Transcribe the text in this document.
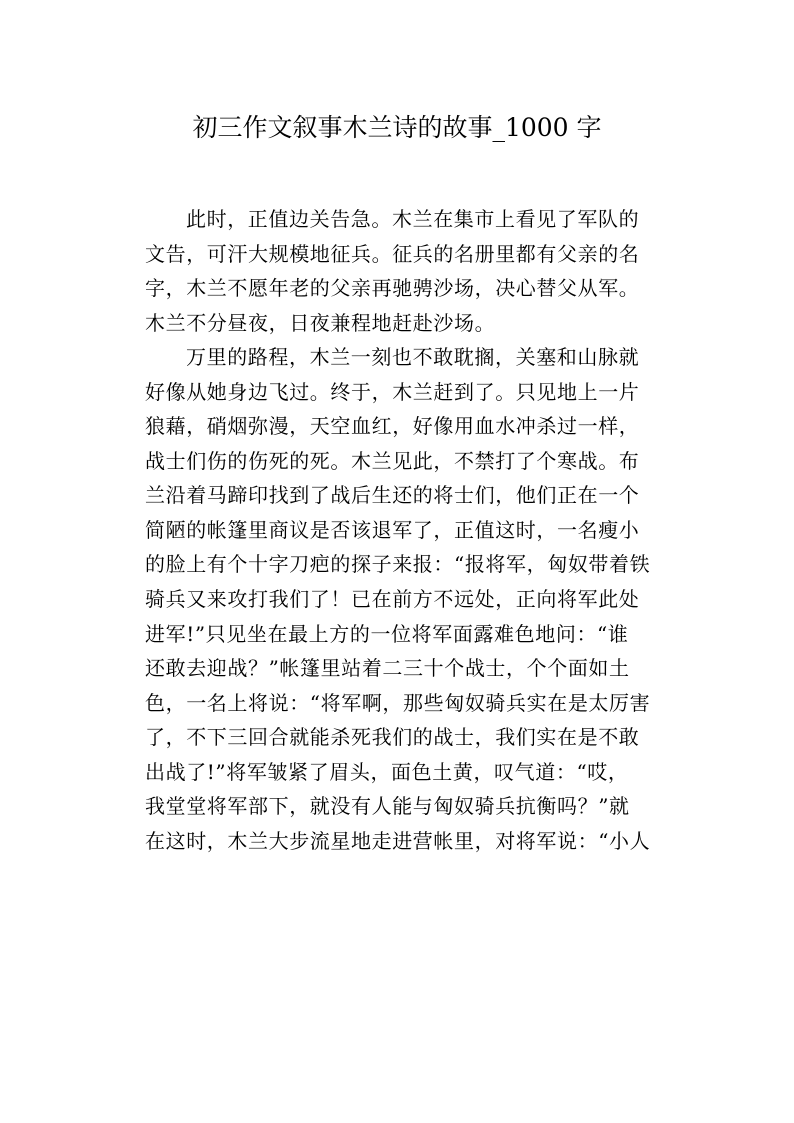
初三作文叙事木兰诗的故事_1000 字
此时，正值边关告急。木兰在集市上看见了军队的
文告，可汗大规模地征兵。征兵的名册里都有父亲的名
字，木兰不愿年老的父亲再驰骋沙场，决心替父从军。
木兰不分昼夜，日夜兼程地赶赴沙场。
万里的路程，木兰一刻也不敢耽搁，关塞和山脉就
好像从她身边飞过。终于，木兰赶到了。只见地上一片
狼藉，硝烟弥漫，天空血红，好像用血水冲杀过一样，
战士们伤的伤死的死。木兰见此，不禁打了个寒战。布
兰沿着马蹄印找到了战后生还的将士们，他们正在一个
简陋的帐篷里商议是否该退军了，正值这时，一名瘦小
的脸上有个十字刀疤的探子来报：“报将军，匈奴带着铁
骑兵又来攻打我们了！已在前方不远处，正向将军此处
进军!”只见坐在最上方的一位将军面露难色地问：“谁
还敢去迎战？”帐篷里站着二三十个战士，个个面如土
色，一名上将说：“将军啊，那些匈奴骑兵实在是太厉害
了，不下三回合就能杀死我们的战士，我们实在是不敢
出战了!”将军皱紧了眉头，面色土黄，叹气道：“哎，
我堂堂将军部下，就没有人能与匈奴骑兵抗衡吗？”就
在这时，木兰大步流星地走进营帐里，对将军说：“小人
